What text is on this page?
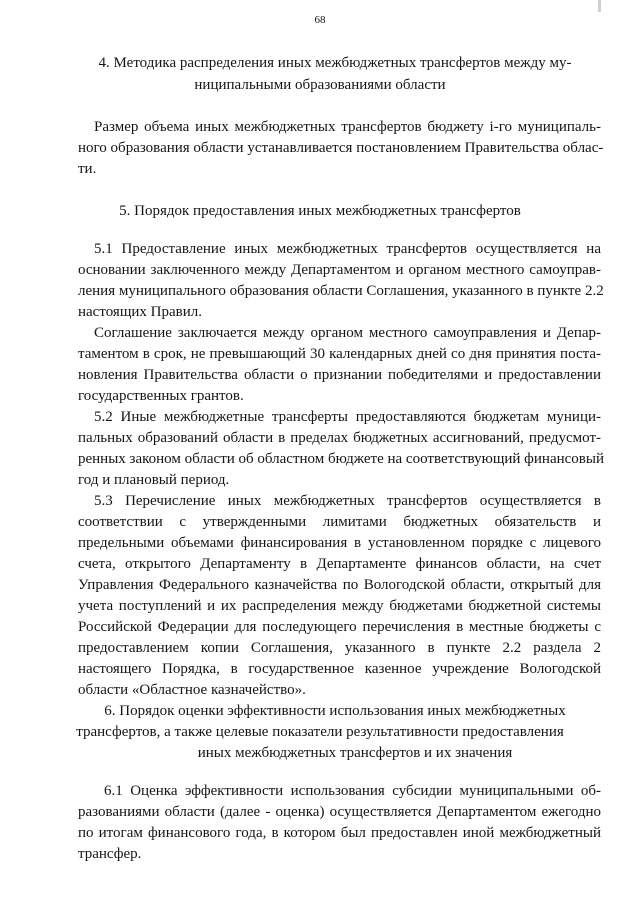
68
4. Методика распределения иных межбюджетных трансфертов между му-
ниципальными образованиями области
Размер объема иных межбюджетных трансфертов бюджету i-го муниципаль-
ного образования области устанавливается постановлением Правительства облас-
ти.
5. Порядок предоставления иных межбюджетных трансфертов
5.1 Предоставление иных межбюджетных трансфертов осуществляется на
основании заключенного между Департаментом и органом местного самоуправ-
ления муниципального образования области Соглашения, указанного в пункте 2.2
настоящих Правил.
Соглашение заключается между органом местного самоуправления и Депар-
таментом в срок, не превышающий 30 календарных дней со дня принятия поста-
новления Правительства области о признании победителями и предоставлении
государственных грантов.
5.2 Иные межбюджетные трансферты предоставляются бюджетам муници-
пальных образований области в пределах бюджетных ассигнований, предусмот-
ренных законом области об областном бюджете на соответствующий финансовый
год и плановый период.
5.3 Перечисление иных межбюджетных трансфертов осуществляется в
соответствии с утвержденными лимитами бюджетных обязательств и
предельными объемами финансирования в установленном порядке с лицевого
счета, открытого Департаменту в Департаменте финансов области, на счет
Управления Федерального казначейства по Вологодской области, открытый для
учета поступлений и их распределения между бюджетами бюджетной системы
Российской Федерации для последующего перечисления в местные бюджеты с
предоставлением копии Соглашения, указанного в пункте 2.2 раздела 2
настоящего Порядка, в государственное казенное учреждение Вологодской
области «Областное казначейство».
6. Порядок оценки эффективности использования иных межбюджетных
трансфертов, а также целевые показатели результативности предоставления
иных межбюджетных трансфертов и их значения
6.1 Оценка эффективности использования субсидии муниципальными об-
разованиями области (далее - оценка) осуществляется Департаментом ежегодно
по итогам финансового года, в котором был предоставлен иной межбюджетный
трансфер.
